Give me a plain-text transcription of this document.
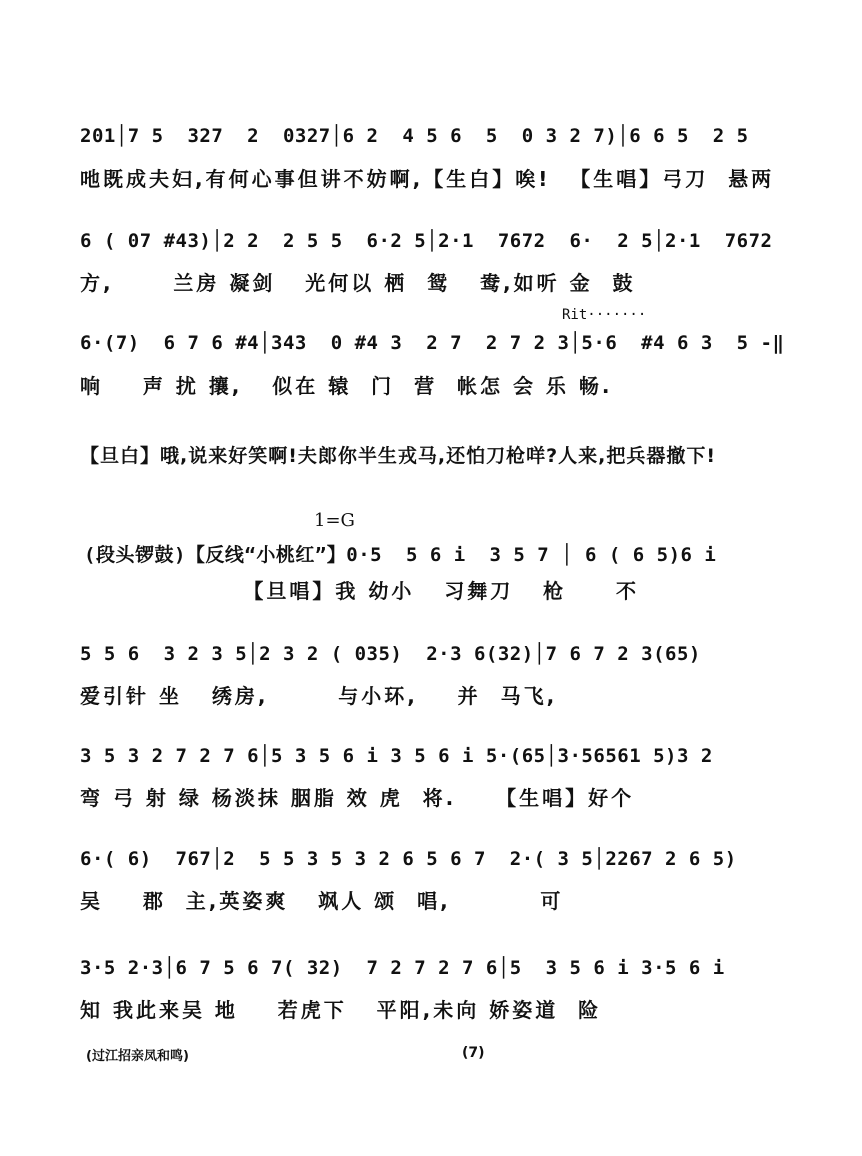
201│7 5  327  2  0327│6 2  4 5 6  5  0 3 2 7)│6 6 5  2 5
吔既成夫妇,有何心事但讲不妨啊,【生白】唉!  【生唱】弓刀  悬两
6 ( 07 #43)│2 2  2 5 5  6·2 5│2·1  7672  6·  2 5│2·1  7672
方,      兰房 凝剑   光何以 栖  鸳   鸯,如听 金  鼓
Rit·······
6·(7)  6 7 6 #4│343  0 #4 3  2 7  2 7 2 3│5·6  #4 6 3  5 -‖
响    声 扰 攘,   似在 辕  门  营  帐怎 会 乐 畅.
【旦白】哦,说来好笑啊!夫郎你半生戎马,还怕刀枪咩?人来,把兵器撤下!
1=G
(段头锣鼓)【反线“小桃红”】0·5  5 6 i  3 5 7 │ 6 ( 6 5)6 i
【旦唱】我 幼小   习舞刀   枪     不
5 5 6  3 2 3 5│2 3 2 ( 035)  2·3 6(32)│7 6 7 2 3(65)
爱引针 坐   绣房,       与小环,    并  马飞,
3 5 3 2 7 2 7 6│5 3 5 6 i 3 5 6 i 5·(65│3·56561 5)3 2
弯 弓 射 绿 杨淡抹 胭脂 效 虎  将.    【生唱】好个
6·( 6)  767│2  5 5 3 5 3 2 6 5 6 7  2·( 3 5│2267 2 6 5)
吴    郡  主,英姿爽   飒人 颂  唱,         可
3·5 2·3│6 7 5 6 7( 32)  7 2 7 2 7 6│5  3 5 6 i 3·5 6 i
知 我此来吴 地    若虎下   平阳,未向 娇姿道  险
(过江招亲凤和鸣)	(7)
